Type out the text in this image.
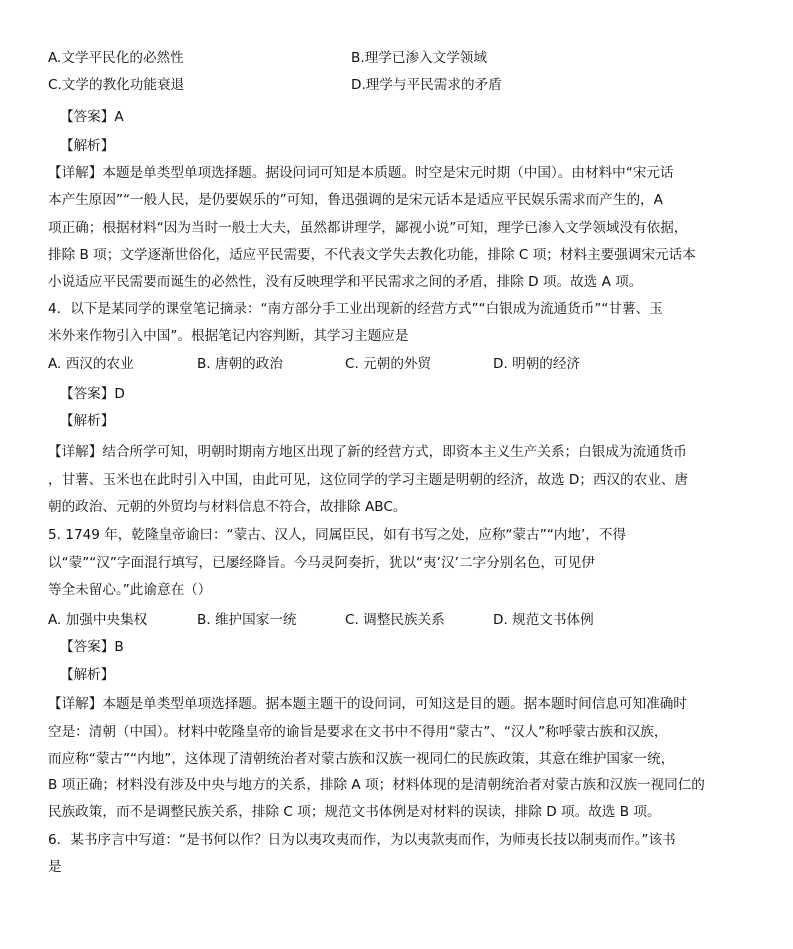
A.文学平民化的必然性	B.理学已渗入文学领域
C.文学的教化功能衰退	D.理学与平民需求的矛盾
【答案】A
【解析】
【详解】本题是单类型单项选择题。据设问词可知是本质题。时空是宋元时期（中国）。由材料中“宋元话
本产生原因”“一般人民，是仍要娱乐的”可知，鲁迅强调的是宋元话本是适应平民娱乐需求而产生的，A
项正确；根据材料“因为当时一般士大夫，虽然都讲理学，鄙视小说”可知，理学已渗入文学领域没有依据，
排除 B 项；文学逐渐世俗化，适应平民需要，不代表文学失去教化功能，排除 C 项；材料主要强调宋元话本
小说适应平民需要而诞生的必然性，没有反映理学和平民需求之间的矛盾，排除 D 项。故选 A 项。
4．以下是某同学的课堂笔记摘录：“南方部分手工业出现新的经营方式”“白银成为流通货币”“甘薯、玉
米外来作物引入中国”。根据笔记内容判断，其学习主题应是
A. 西汉的农业	B. 唐朝的政治	C. 元朝的外贸	D. 明朝的经济
【答案】D
【解析】
【详解】结合所学可知，明朝时期南方地区出现了新的经营方式，即资本主义生产关系；白银成为流通货币
，甘薯、玉米也在此时引入中国，由此可见，这位同学的学习主题是明朝的经济，故选 D；西汉的农业、唐
朝的政治、元朝的外贸均与材料信息不符合，故排除 ABC。
5. 1749 年，乾隆皇帝谕曰：“蒙古、汉人，同属臣民，如有书写之处，应称“蒙古”“内地’，不得
以“蒙”“汉”字面混行填写，已屡经降旨。今马灵阿奏折，犹以“夷’汉’二字分别名色，可见伊
等全未留心。”此谕意在（）
A. 加强中央集权	B. 维护国家一统	C. 调整民族关系	D. 规范文书体例
【答案】B
【解析】
【详解】本题是单类型单项选择题。据本题主题干的设问词，可知这是目的题。据本题时间信息可知准确时
空是：清朝（中国）。材料中乾隆皇帝的谕旨是要求在文书中不得用“蒙古”、“汉人”称呼蒙古族和汉族，
而应称“蒙古”“内地”，这体现了清朝统治者对蒙古族和汉族一视同仁的民族政策，其意在维护国家一统，
B 项正确；材料没有涉及中央与地方的关系，排除 A 项；材料体现的是清朝统治者对蒙古族和汉族一视同仁的
民族政策，而不是调整民族关系，排除 C 项；规范文书体例是对材料的误读，排除 D 项。故选 B 项。
6．某书序言中写道：“是书何以作？日为以夷攻夷而作，为以夷款夷而作，为师夷长技以制夷而作。”该书
是
